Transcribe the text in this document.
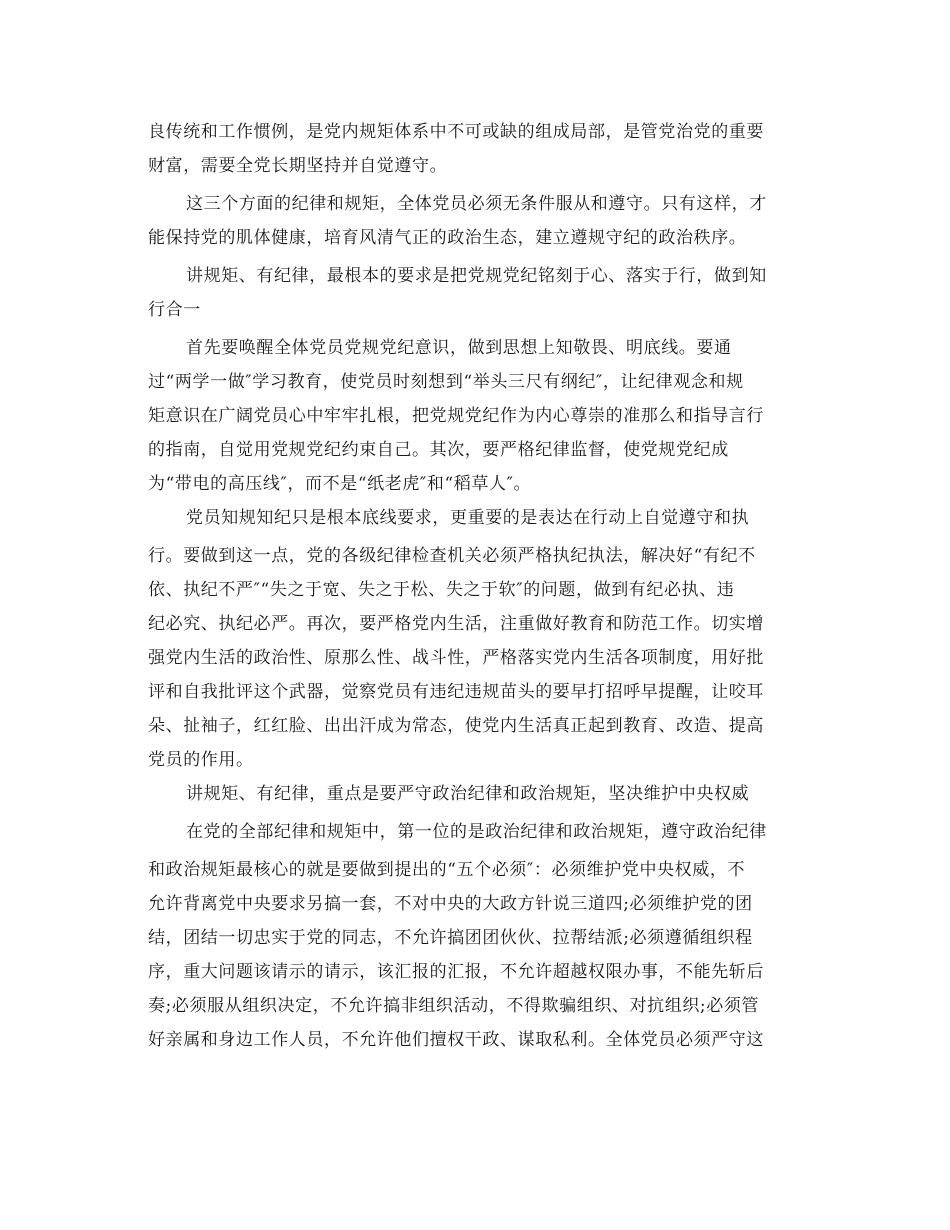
良传统和工作惯例，是党内规矩体系中不可或缺的组成局部，是管党治党的重要
财富，需要全党长期坚持并自觉遵守。
这三个方面的纪律和规矩，全体党员必须无条件服从和遵守。只有这样，才
能保持党的肌体健康，培育风清气正的政治生态，建立遵规守纪的政治秩序。
讲规矩、有纪律，最根本的要求是把党规党纪铭刻于心、落实于行，做到知
行合一
首先要唤醒全体党员党规党纪意识，做到思想上知敬畏、明底线。要通
过“两学一做″学习教育，使党员时刻想到“举头三尺有纲纪″，让纪律观念和规
矩意识在广阔党员心中牢牢扎根，把党规党纪作为内心尊崇的准那么和指导言行
的指南，自觉用党规党纪约束自己。其次，要严格纪律监督，使党规党纪成
为“带电的高压线″，而不是“纸老虎″和“稻草人″。
党员知规知纪只是根本底线要求，更重要的是表达在行动上自觉遵守和执
行。要做到这一点，党的各级纪律检查机关必须严格执纪执法，解决好“有纪不
依、执纪不严″“失之于宽、失之于松、失之于软″的问题，做到有纪必执、违
纪必究、执纪必严。再次，要严格党内生活，注重做好教育和防范工作。切实增
强党内生活的政治性、原那么性、战斗性，严格落实党内生活各项制度，用好批
评和自我批评这个武器，觉察党员有违纪违规苗头的要早打招呼早提醒，让咬耳
朵、扯袖子，红红脸、出出汗成为常态，使党内生活真正起到教育、改造、提高
党员的作用。
讲规矩、有纪律，重点是要严守政治纪律和政治规矩，坚决维护中央权威
在党的全部纪律和规矩中，第一位的是政治纪律和政治规矩，遵守政治纪律
和政治规矩最核心的就是要做到提出的“五个必须″：必须维护党中央权威，不
允许背离党中央要求另搞一套，不对中央的大政方针说三道四;必须维护党的团
结，团结一切忠实于党的同志，不允许搞团团伙伙、拉帮结派;必须遵循组织程
序，重大问题该请示的请示，该汇报的汇报，不允许超越权限办事，不能先斩后
奏;必须服从组织决定，不允许搞非组织活动，不得欺骗组织、对抗组织;必须管
好亲属和身边工作人员，不允许他们擅权干政、谋取私利。全体党员必须严守这
